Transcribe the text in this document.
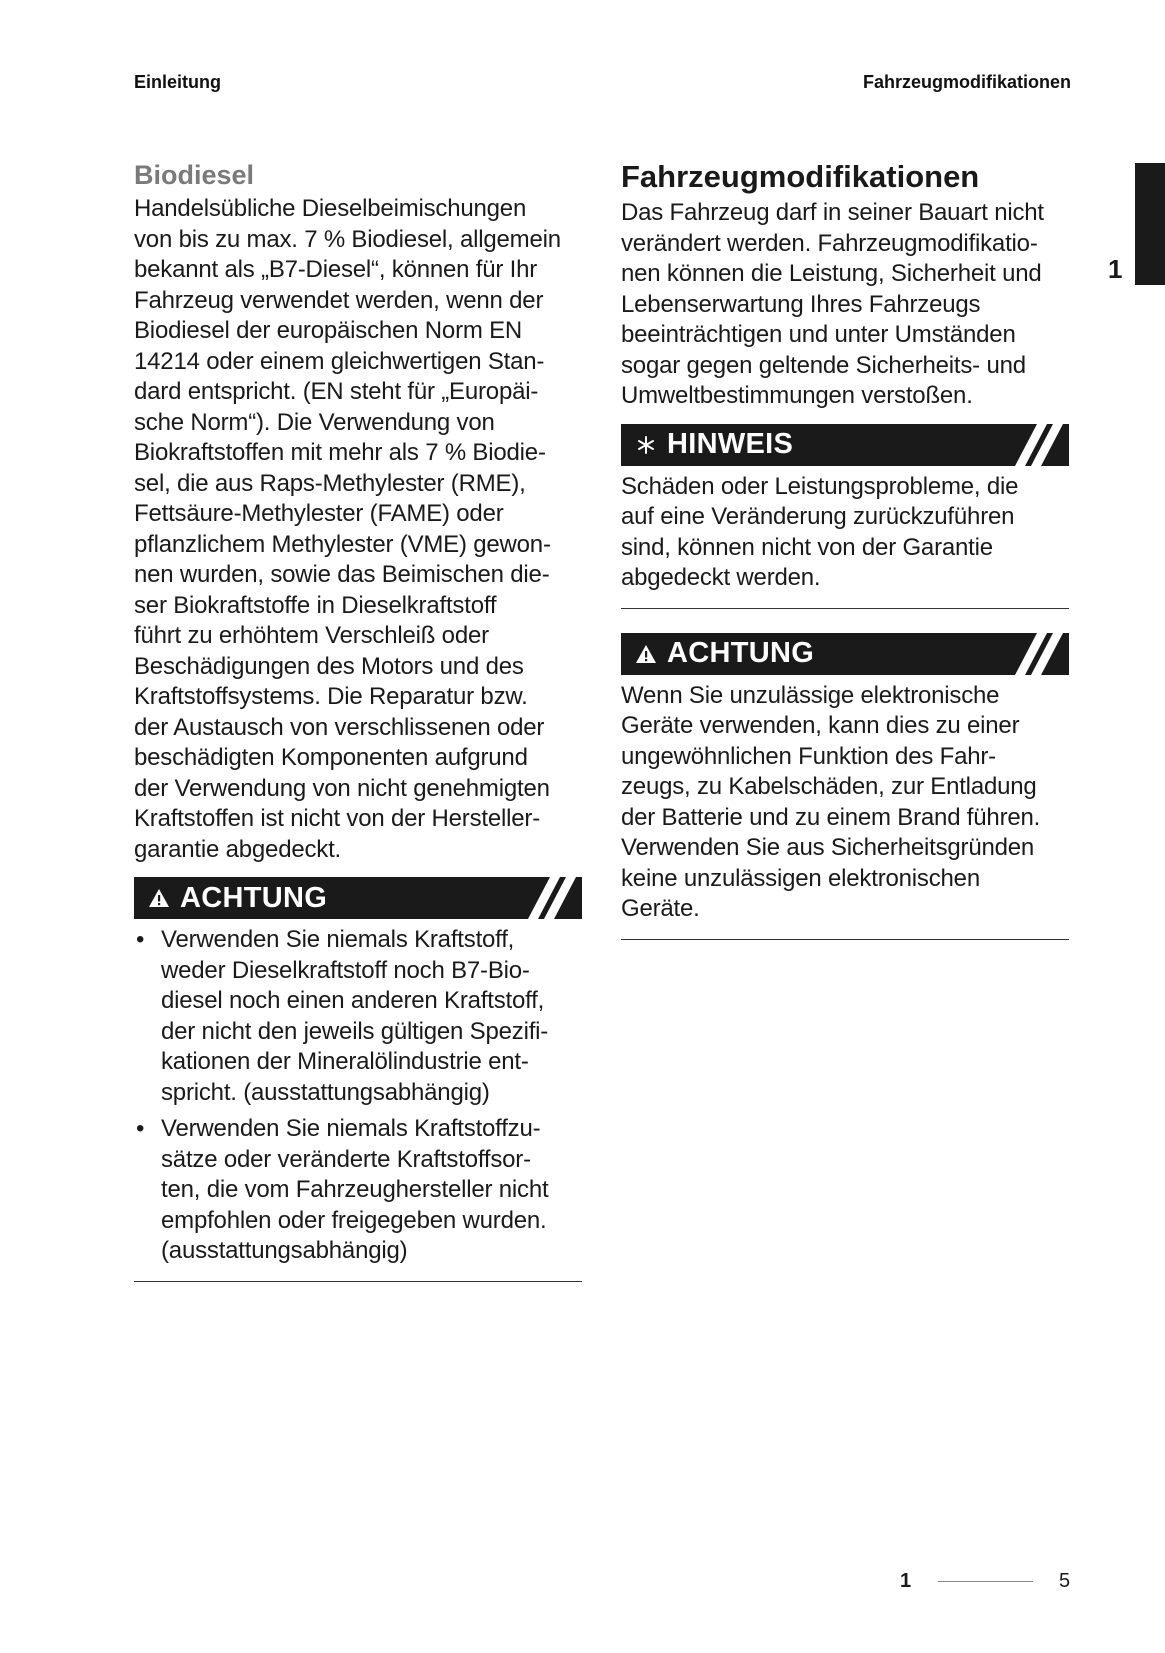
Einleitung	Fahrzeugmodifikationen
1
Biodiesel

Handelsübliche Dieselbeimischungen
von bis zu max. 7 % Biodiesel, allgemein
bekannt als „B7-Diesel“, können für Ihr
Fahrzeug verwendet werden, wenn der
Biodiesel der europäischen Norm EN
14214 oder einem gleichwertigen Stan-
dard entspricht. (EN steht für „Europäi-
sche Norm“). Die Verwendung von
Biokraftstoffen mit mehr als 7 % Biodie-
sel, die aus Raps-Methylester (RME),
Fettsäure-Methylester (FAME) oder
pflanzlichem Methylester (VME) gewon-
nen wurden, sowie das Beimischen die-
ser Biokraftstoffe in Dieselkraftstoff
führt zu erhöhtem Verschleiß oder
Beschädigungen des Motors und des
Kraftstoffsystems. Die Reparatur bzw.
der Austausch von verschlissenen oder
beschädigten Komponenten aufgrund
der Verwendung von nicht genehmigten
Kraftstoffen ist nicht von der Hersteller-
garantie abgedeckt.

ACHTUNG
• Verwenden Sie niemals Kraftstoff,
weder Dieselkraftstoff noch B7-Bio-
diesel noch einen anderen Kraftstoff,
der nicht den jeweils gültigen Spezifi-
kationen der Mineralölindustrie ent-
spricht. (ausstattungsabhängig)
• Verwenden Sie niemals Kraftstoffzu-
sätze oder veränderte Kraftstoffsor-
ten, die vom Fahrzeughersteller nicht
empfohlen oder freigegeben wurden.
(ausstattungsabhängig)
Fahrzeugmodifikationen

Das Fahrzeug darf in seiner Bauart nicht
verändert werden. Fahrzeugmodifikatio-
nen können die Leistung, Sicherheit und
Lebenserwartung Ihres Fahrzeugs
beeinträchtigen und unter Umständen
sogar gegen geltende Sicherheits- und
Umweltbestimmungen verstoßen.

HINWEIS

Schäden oder Leistungsprobleme, die
auf eine Veränderung zurückzuführen
sind, können nicht von der Garantie
abgedeckt werden.

ACHTUNG

Wenn Sie unzulässige elektronische
Geräte verwenden, kann dies zu einer
ungewöhnlichen Funktion des Fahr-
zeugs, zu Kabelschäden, zur Entladung
der Batterie und zu einem Brand führen.
Verwenden Sie aus Sicherheitsgründen
keine unzulässigen elektronischen
Geräte.

1	5
